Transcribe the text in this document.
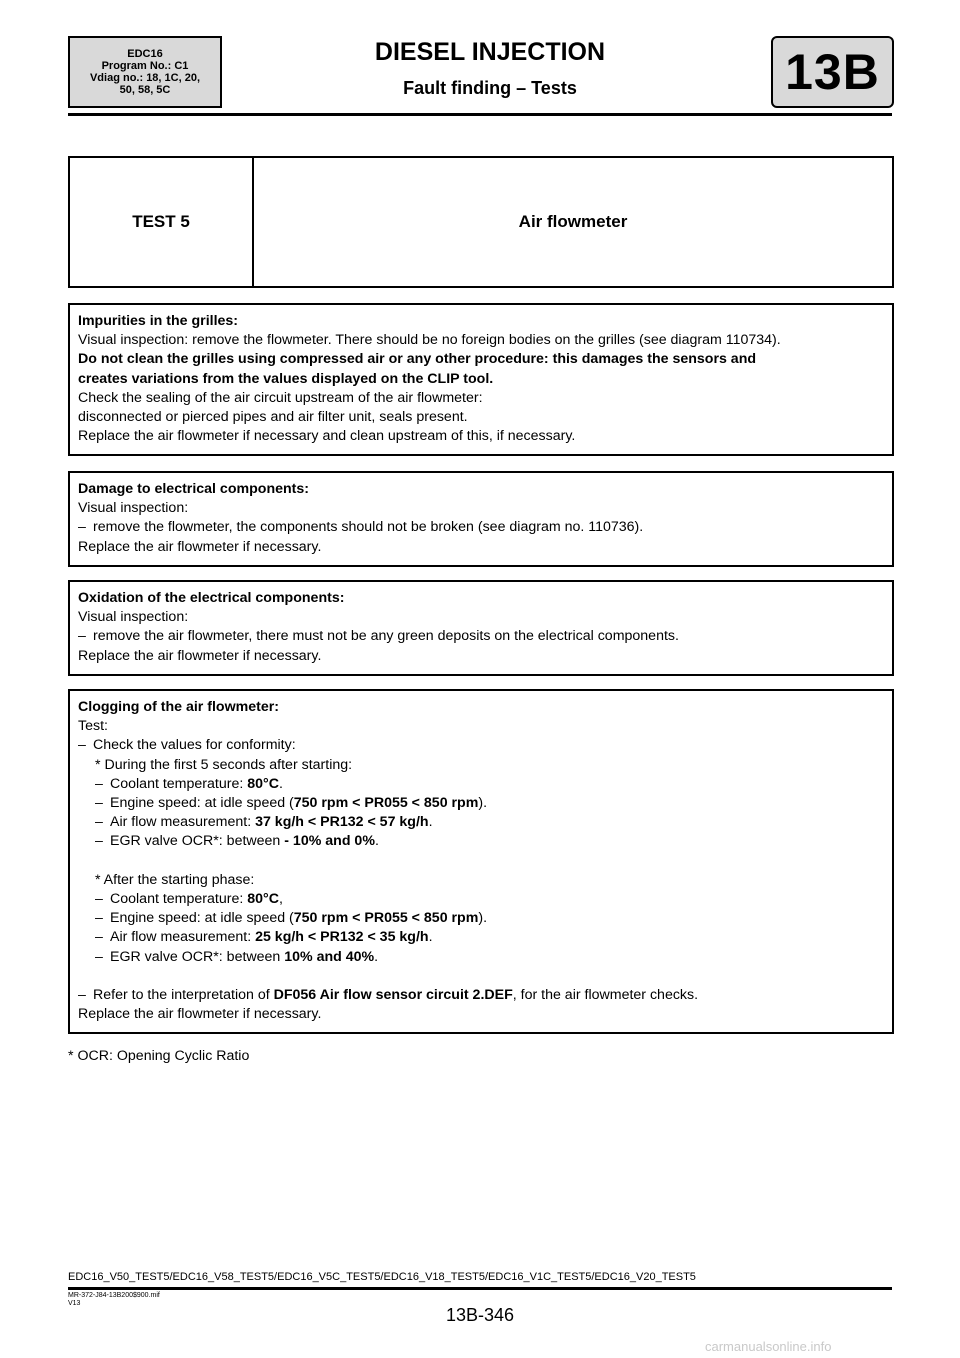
EDC16
Program No.: C1
Vdiag no.: 18, 1C, 20,
50, 58, 5C
DIESEL INJECTION
Fault finding – Tests	13B
TEST 5	Air flowmeter

Impurities in the grilles:

Visual inspection: remove the flowmeter. There should be no foreign bodies on the grilles (see diagram 110734).

Do not clean the grilles using compressed air or any other procedure: this damages the sensors and

creates variations from the values displayed on the CLIP tool.

Check the sealing of the air circuit upstream of the air flowmeter:

disconnected or pierced pipes and air filter unit, seals present.

Replace the air flowmeter if necessary and clean upstream of this, if necessary.

Damage to electrical components:

Visual inspection:

– remove the flowmeter, the components should not be broken (see diagram no. 110736).

Replace the air flowmeter if necessary.

Oxidation of the electrical components:

Visual inspection:

– remove the air flowmeter, there must not be any green deposits on the electrical components.

Replace the air flowmeter if necessary.

Clogging of the air flowmeter:

Test:

– Check the values for conformity:

* During the first 5 seconds after starting:

– Coolant temperature: 80°C.

– Engine speed: at idle speed (750 rpm < PR055 < 850 rpm).

– Air flow measurement: 37 kg/h < PR132 < 57 kg/h.

– EGR valve OCR*: between - 10% and 0%.

* After the starting phase:

– Coolant temperature: 80°C,

– Engine speed: at idle speed (750 rpm < PR055 < 850 rpm).

– Air flow measurement: 25 kg/h < PR132 < 35 kg/h.

– EGR valve OCR*: between 10% and 40%.

– Refer to the interpretation of DF056 Air flow sensor circuit 2.DEF, for the air flowmeter checks.

Replace the air flowmeter if necessary.

* OCR: Opening Cyclic Ratio
EDC16_V50_TEST5/EDC16_V58_TEST5/EDC16_V5C_TEST5/EDC16_V18_TEST5/EDC16_V1C_TEST5/EDC16_V20_TEST5
MR-372-J84-13B200$900.mif
V13
13B-346
carmanualsonline.info
